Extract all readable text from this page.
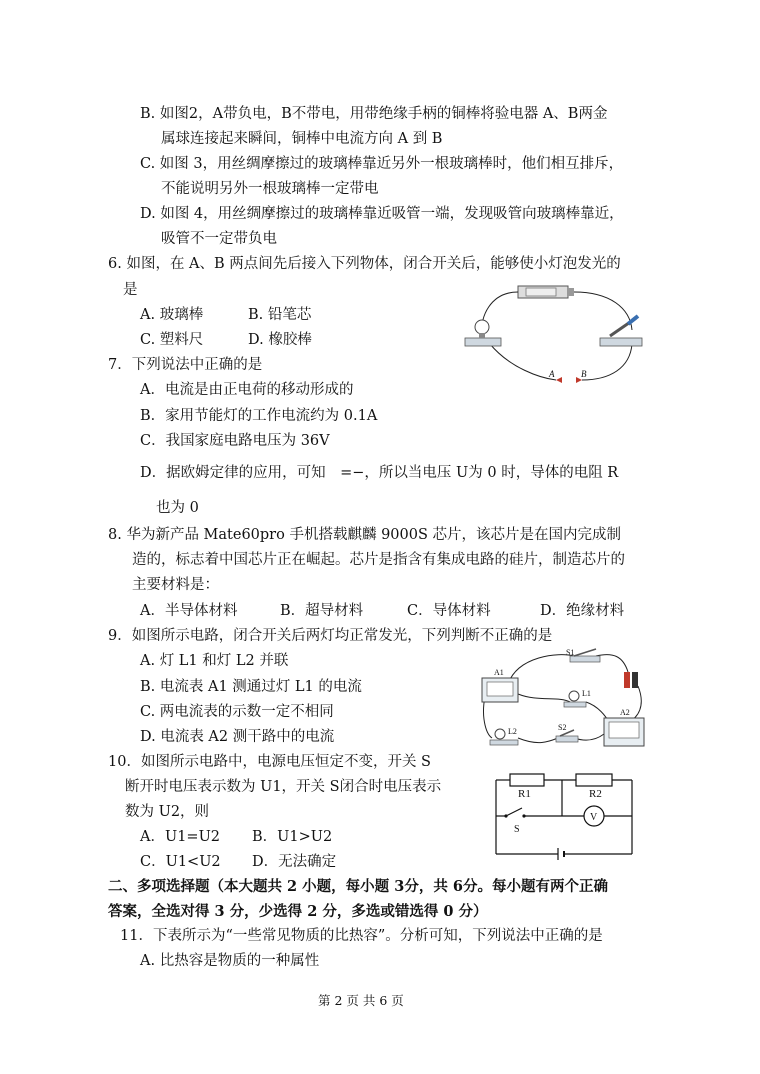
B. 如图2，A带负电，B不带电，用带绝缘手柄的铜棒将验电器 A、B两金
属球连接起来瞬间，铜棒中电流方向 A 到 B
C. 如图 3，用丝绸摩擦过的玻璃棒靠近另外一根玻璃棒时，他们相互排斥，
不能说明另外一根玻璃棒一定带电
D. 如图 4，用丝绸摩擦过的玻璃棒靠近吸管一端，发现吸管向玻璃棒靠近，
吸管不一定带负电
6. 如图，在 A、B 两点间先后接入下列物体，闭合开关后，能够使小灯泡发光的
是
A. 玻璃棒	B. 铅笔芯
C. 塑料尺	D. 橡胶棒
A	B
7．下列说法中正确的是
A．电流是由正电荷的移动形成的
B．家用节能灯的工作电流约为 0.1A
C．我国家庭电路电压为 36V
D．据欧姆定律的应用，可知　=−，所以当电压 U为 0 时，导体的电阻 R
也为 0
8. 华为新产品 Mate60pro 手机搭载麒麟 9000S 芯片，该芯片是在国内完成制
造的，标志着中国芯片正在崛起。芯片是指含有集成电路的硅片，制造芯片的
主要材料是：
A．半导体材料	B．超导材料	C．导体材料	D．绝缘材料
9．如图所示电路，闭合开关后两灯均正常发光，下列判断不正确的是
A. 灯 L1 和灯 L2 并联
B. 电流表 A1 测通过灯 L1 的电流
C. 两电流表的示数一定不相同
D. 电流表 A2 测干路中的电流
A1
S1
L1
A2
L2	S2
10．如图所示电路中，电源电压恒定不变，开关 S
断开时电压表示数为 U1，开关 S闭合时电压表示
数为 U2，则
A．U1=U2 B．U1>U2
C．U1<U2 D．无法确定
R1	R2
V
S
二、多项选择题（本大题共 2 小题，每小题 3分，共 6分。每小题有两个正确
答案，全选对得 3 分，少选得 2 分，多选或错选得 0 分）
11．下表所示为“一些常见物质的比热容”。分析可知，下列说法中正确的是
A. 比热容是物质的一种属性
第 2 页 共 6 页
